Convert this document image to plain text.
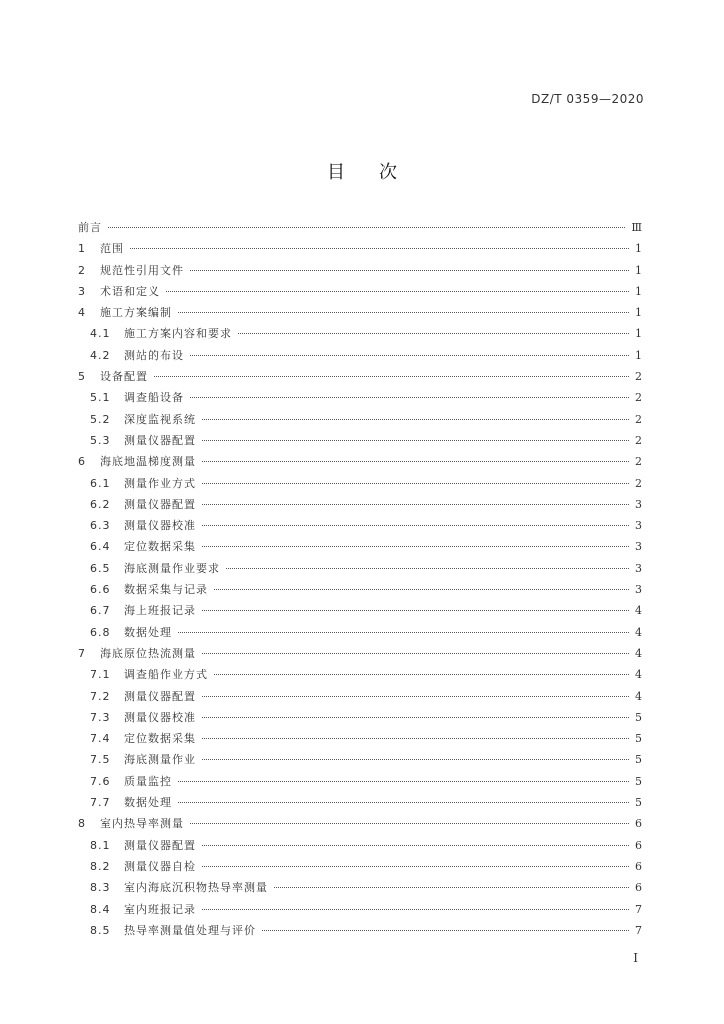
DZ/T 0359—2020
目次
前言	Ⅲ
1	范围	1
2	规范性引用文件	1
3	术语和定义	1
4	施工方案编制	1
4.1	施工方案内容和要求	1
4.2	测站的布设	1
5	设备配置	2
5.1	调查船设备	2
5.2	深度监视系统	2
5.3	测量仪器配置	2
6	海底地温梯度测量	2
6.1	测量作业方式	2
6.2	测量仪器配置	3
6.3	测量仪器校准	3
6.4	定位数据采集	3
6.5	海底测量作业要求	3
6.6	数据采集与记录	3
6.7	海上班报记录	4
6.8	数据处理	4
7	海底原位热流测量	4
7.1	调查船作业方式	4
7.2	测量仪器配置	4
7.3	测量仪器校准	5
7.4	定位数据采集	5
7.5	海底测量作业	5
7.6	质量监控	5
7.7	数据处理	5
8	室内热导率测量	6
8.1	测量仪器配置	6
8.2	测量仪器自检	6
8.3	室内海底沉积物热导率测量	6
8.4	室内班报记录	7
8.5	热导率测量值处理与评价	7
I
